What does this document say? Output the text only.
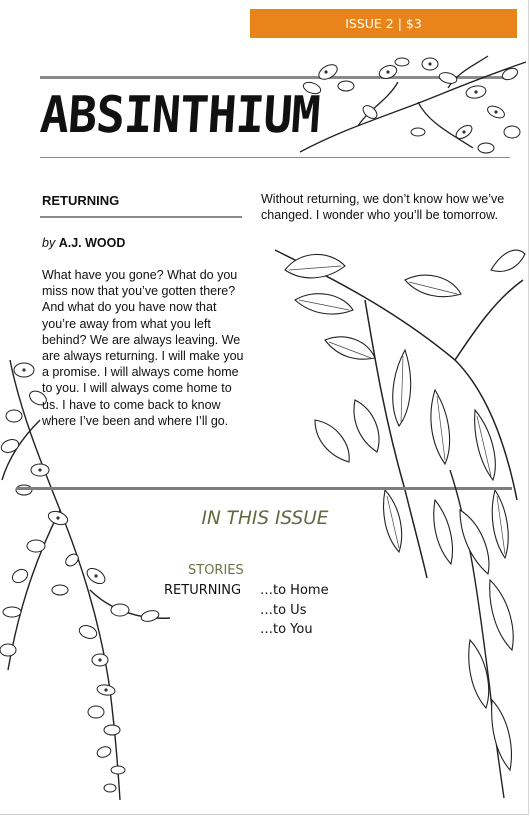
ISSUE 2 | $3
ABSINTHIUM
RETURNING
by A.J. WOOD
What have you gone? What do you miss now that you’ve gotten there? And what do you have now that you’re away from what you left behind? We are always leaving. We are always returning. I will make you a promise. I will always come home to you. I will always come home to us. I have to come back to know where I’ve been and where I’ll go.
Without returning, we don’t know how we’ve changed. I wonder who you’ll be tomorrow.
IN THIS ISSUE
STORIES
RETURNING …to Home
…to Us
…to You
